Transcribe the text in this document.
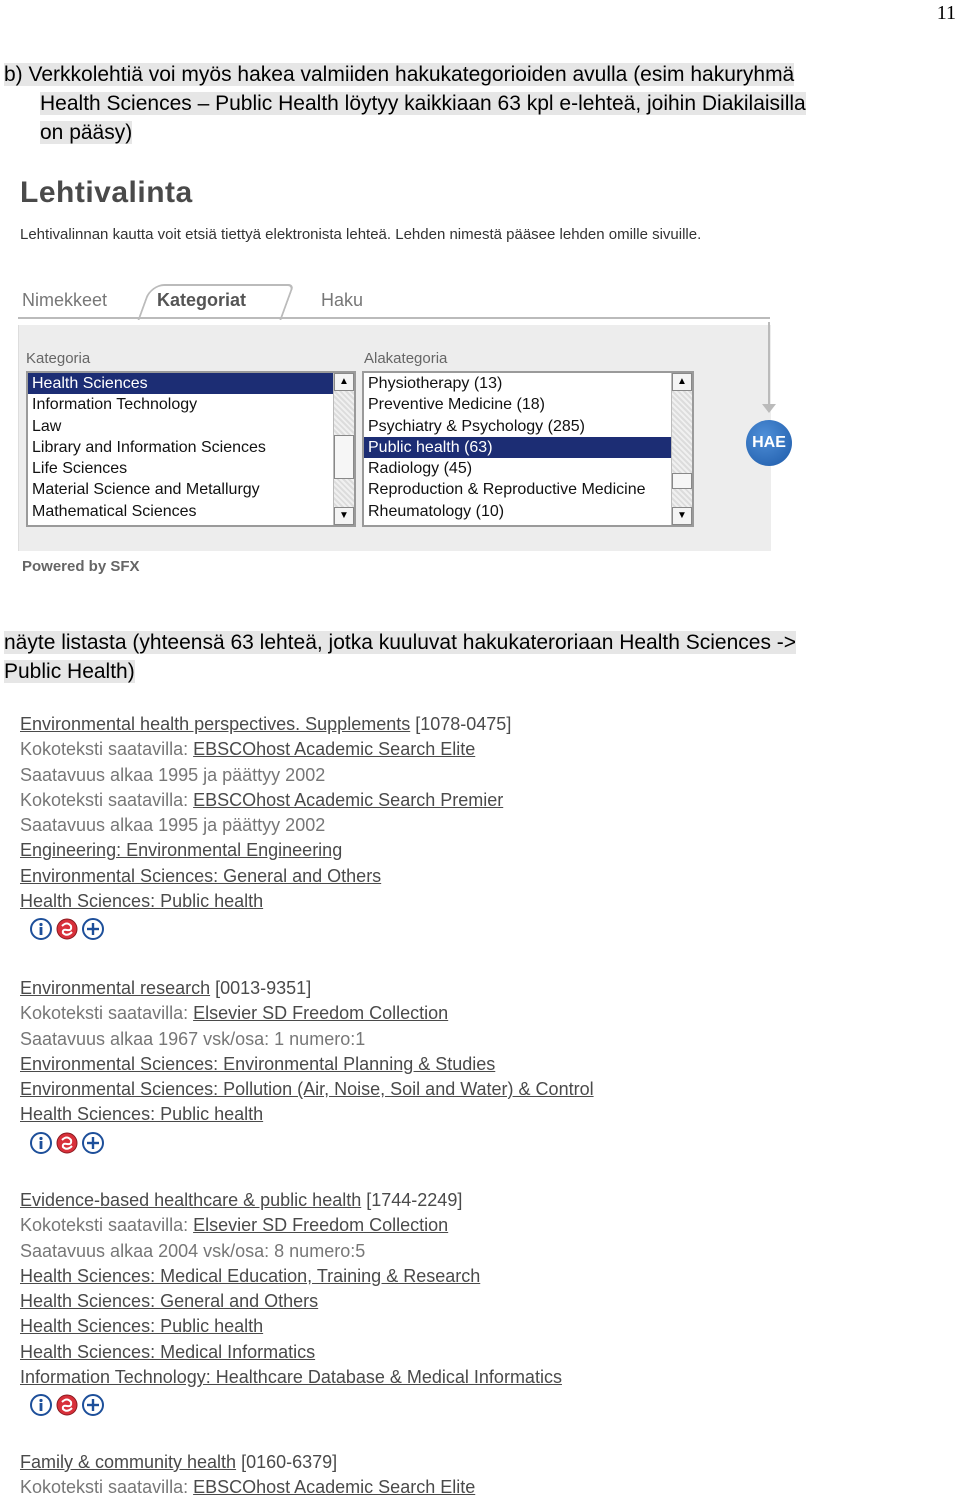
11
b) Verkkolehtiä voi myös hakea valmiiden hakukategorioiden avulla (esim hakuryhmä
Health Sciences – Public Health löytyy kaikkiaan 63 kpl e-lehteä, joihin Diakilaisilla
on pääsy)
Lehtivalinta
Lehtivalinnan kautta voit etsiä tiettyä elektronista lehteä. Lehden nimestä pääsee lehden omille sivuille.
Nimekkeet	Kategoriat	Haku
Kategoria	Alakategoria
Health Sciences
Information Technology
Law
Library and Information Sciences
Life Sciences
Material Science and Metallurgy
Mathematical Sciences
▲
▼
Physiotherapy (13)
Preventive Medicine (18)
Psychiatry & Psychology (285)
Public health (63)
Radiology (45)
Reproduction & Reproductive Medicine
Rheumatology (10)
▲
▼
HAE
Powered by SFX
näyte listasta (yhteensä 63 lehteä, jotka kuuluvat hakukateroriaan Health Sciences ->
Public Health)
Environmental health perspectives. Supplements [1078-0475]
Kokoteksti saatavilla: EBSCOhost Academic Search Elite
Saatavuus alkaa 1995 ja päättyy 2002
Kokoteksti saatavilla: EBSCOhost Academic Search Premier
Saatavuus alkaa 1995 ja päättyy 2002
Engineering: Environmental Engineering
Environmental Sciences: General and Others
Health Sciences: Public health
Environmental research [0013-9351]
Kokoteksti saatavilla: Elsevier SD Freedom Collection
Saatavuus alkaa 1967 vsk/osa: 1 numero:1
Environmental Sciences: Environmental Planning & Studies
Environmental Sciences: Pollution (Air, Noise, Soil and Water) & Control
Health Sciences: Public health
Evidence-based healthcare & public health [1744-2249]
Kokoteksti saatavilla: Elsevier SD Freedom Collection
Saatavuus alkaa 2004 vsk/osa: 8 numero:5
Health Sciences: Medical Education, Training & Research
Health Sciences: General and Others
Health Sciences: Public health
Health Sciences: Medical Informatics
Information Technology: Healthcare Database & Medical Informatics
Family & community health [0160-6379]
Kokoteksti saatavilla: EBSCOhost Academic Search Elite
